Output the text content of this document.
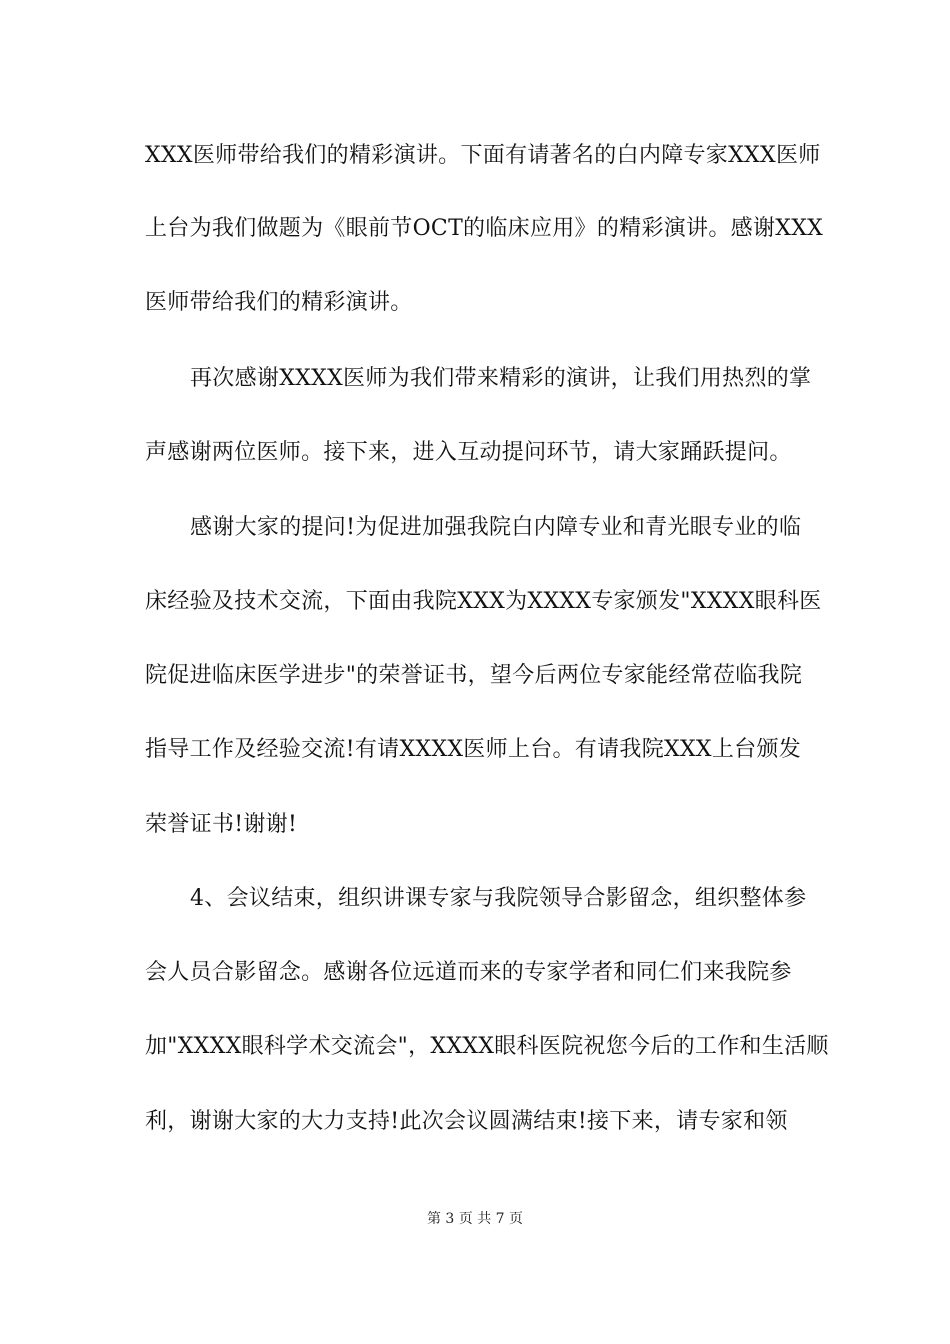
XXX医师带给我们的精彩演讲。下面有请著名的白内障专家XXX医师
上台为我们做题为《眼前节OCT的临床应用》的精彩演讲。感谢XXX
医师带给我们的精彩演讲。
再次感谢XXXX医师为我们带来精彩的演讲，让我们用热烈的掌
声感谢两位医师。接下来，进入互动提问环节，请大家踊跃提问。
感谢大家的提问!为促进加强我院白内障专业和青光眼专业的临
床经验及技术交流，下面由我院XXX为XXXX专家颁发"XXXX眼科医
院促进临床医学进步"的荣誉证书，望今后两位专家能经常莅临我院
指导工作及经验交流!有请XXXX医师上台。有请我院XXX上台颁发
荣誉证书!谢谢!
4、会议结束，组织讲课专家与我院领导合影留念，组织整体参
会人员合影留念。感谢各位远道而来的专家学者和同仁们来我院参
加"XXXX眼科学术交流会"，XXXX眼科医院祝您今后的工作和生活顺
利，谢谢大家的大力支持!此次会议圆满结束!接下来，请专家和领
第 3 页 共 7 页
